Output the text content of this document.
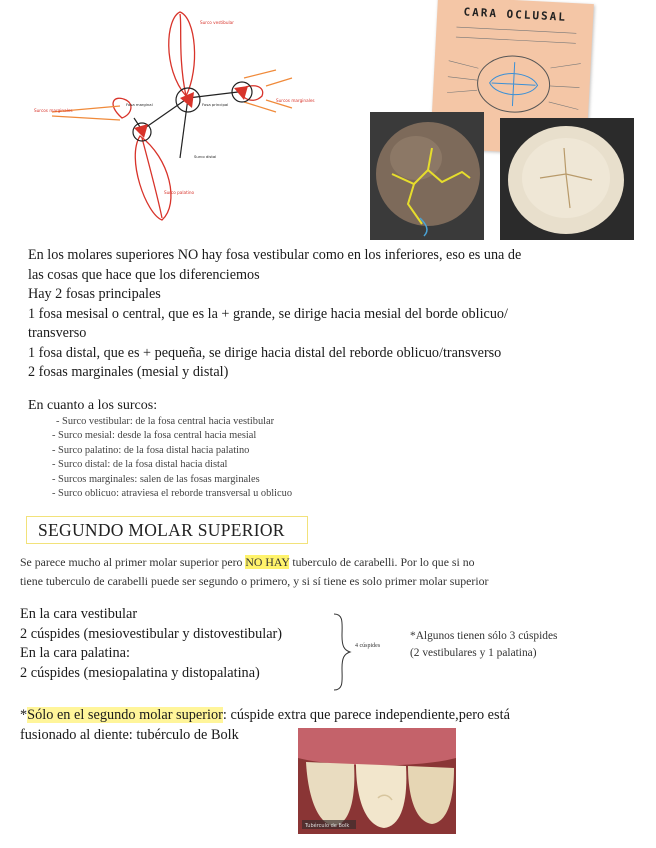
Surco vestibular
Surcos marginales
Surcos marginales
Surco palatino
Fosa principal
Fosa marginal
Surco distal
CARA OCLUSAL
En los molares superiores NO hay fosa vestibular como en los inferiores, eso es una de
las cosas que hace que los diferenciemos
Hay 2 fosas principales
1 fosa mesisal o central, que es la + grande, se dirige hacia mesial del borde oblicuo/
transverso
1 fosa distal, que es + pequeña, se dirige hacia distal del reborde oblicuo/transverso
2 fosas marginales (mesial y distal)
En cuanto a los surcos:
- Surco vestibular: de la fosa central hacia vestibular
- Surco mesial: desde la fosa central hacia mesial
- Surco palatino: de la fosa distal hacia palatino
- Surco distal: de la fosa distal hacia distal
- Surcos marginales: salen de las fosas marginales
- Surco oblicuo: atraviesa el reborde transversal u oblicuo
SEGUNDO MOLAR SUPERIOR
Se parece mucho al primer molar superior pero NO HAY tuberculo de carabelli. Por lo que si no
tiene tuberculo de carabelli puede ser segundo o primero, y si sí tiene es solo primer molar superior
En la cara vestibular
2 cúspides (mesiovestibular y distovestibular)
En la cara palatina:
2 cúspides (mesiopalatina y distopalatina)
4 cúspides
*Algunos tienen sólo 3 cúspides
(2 vestibulares y 1 palatina)
*Sólo en el segundo molar superior: cúspide extra que parece independiente,pero está
fusionado al diente: tubérculo de Bolk
Tubérculo de Bolk
